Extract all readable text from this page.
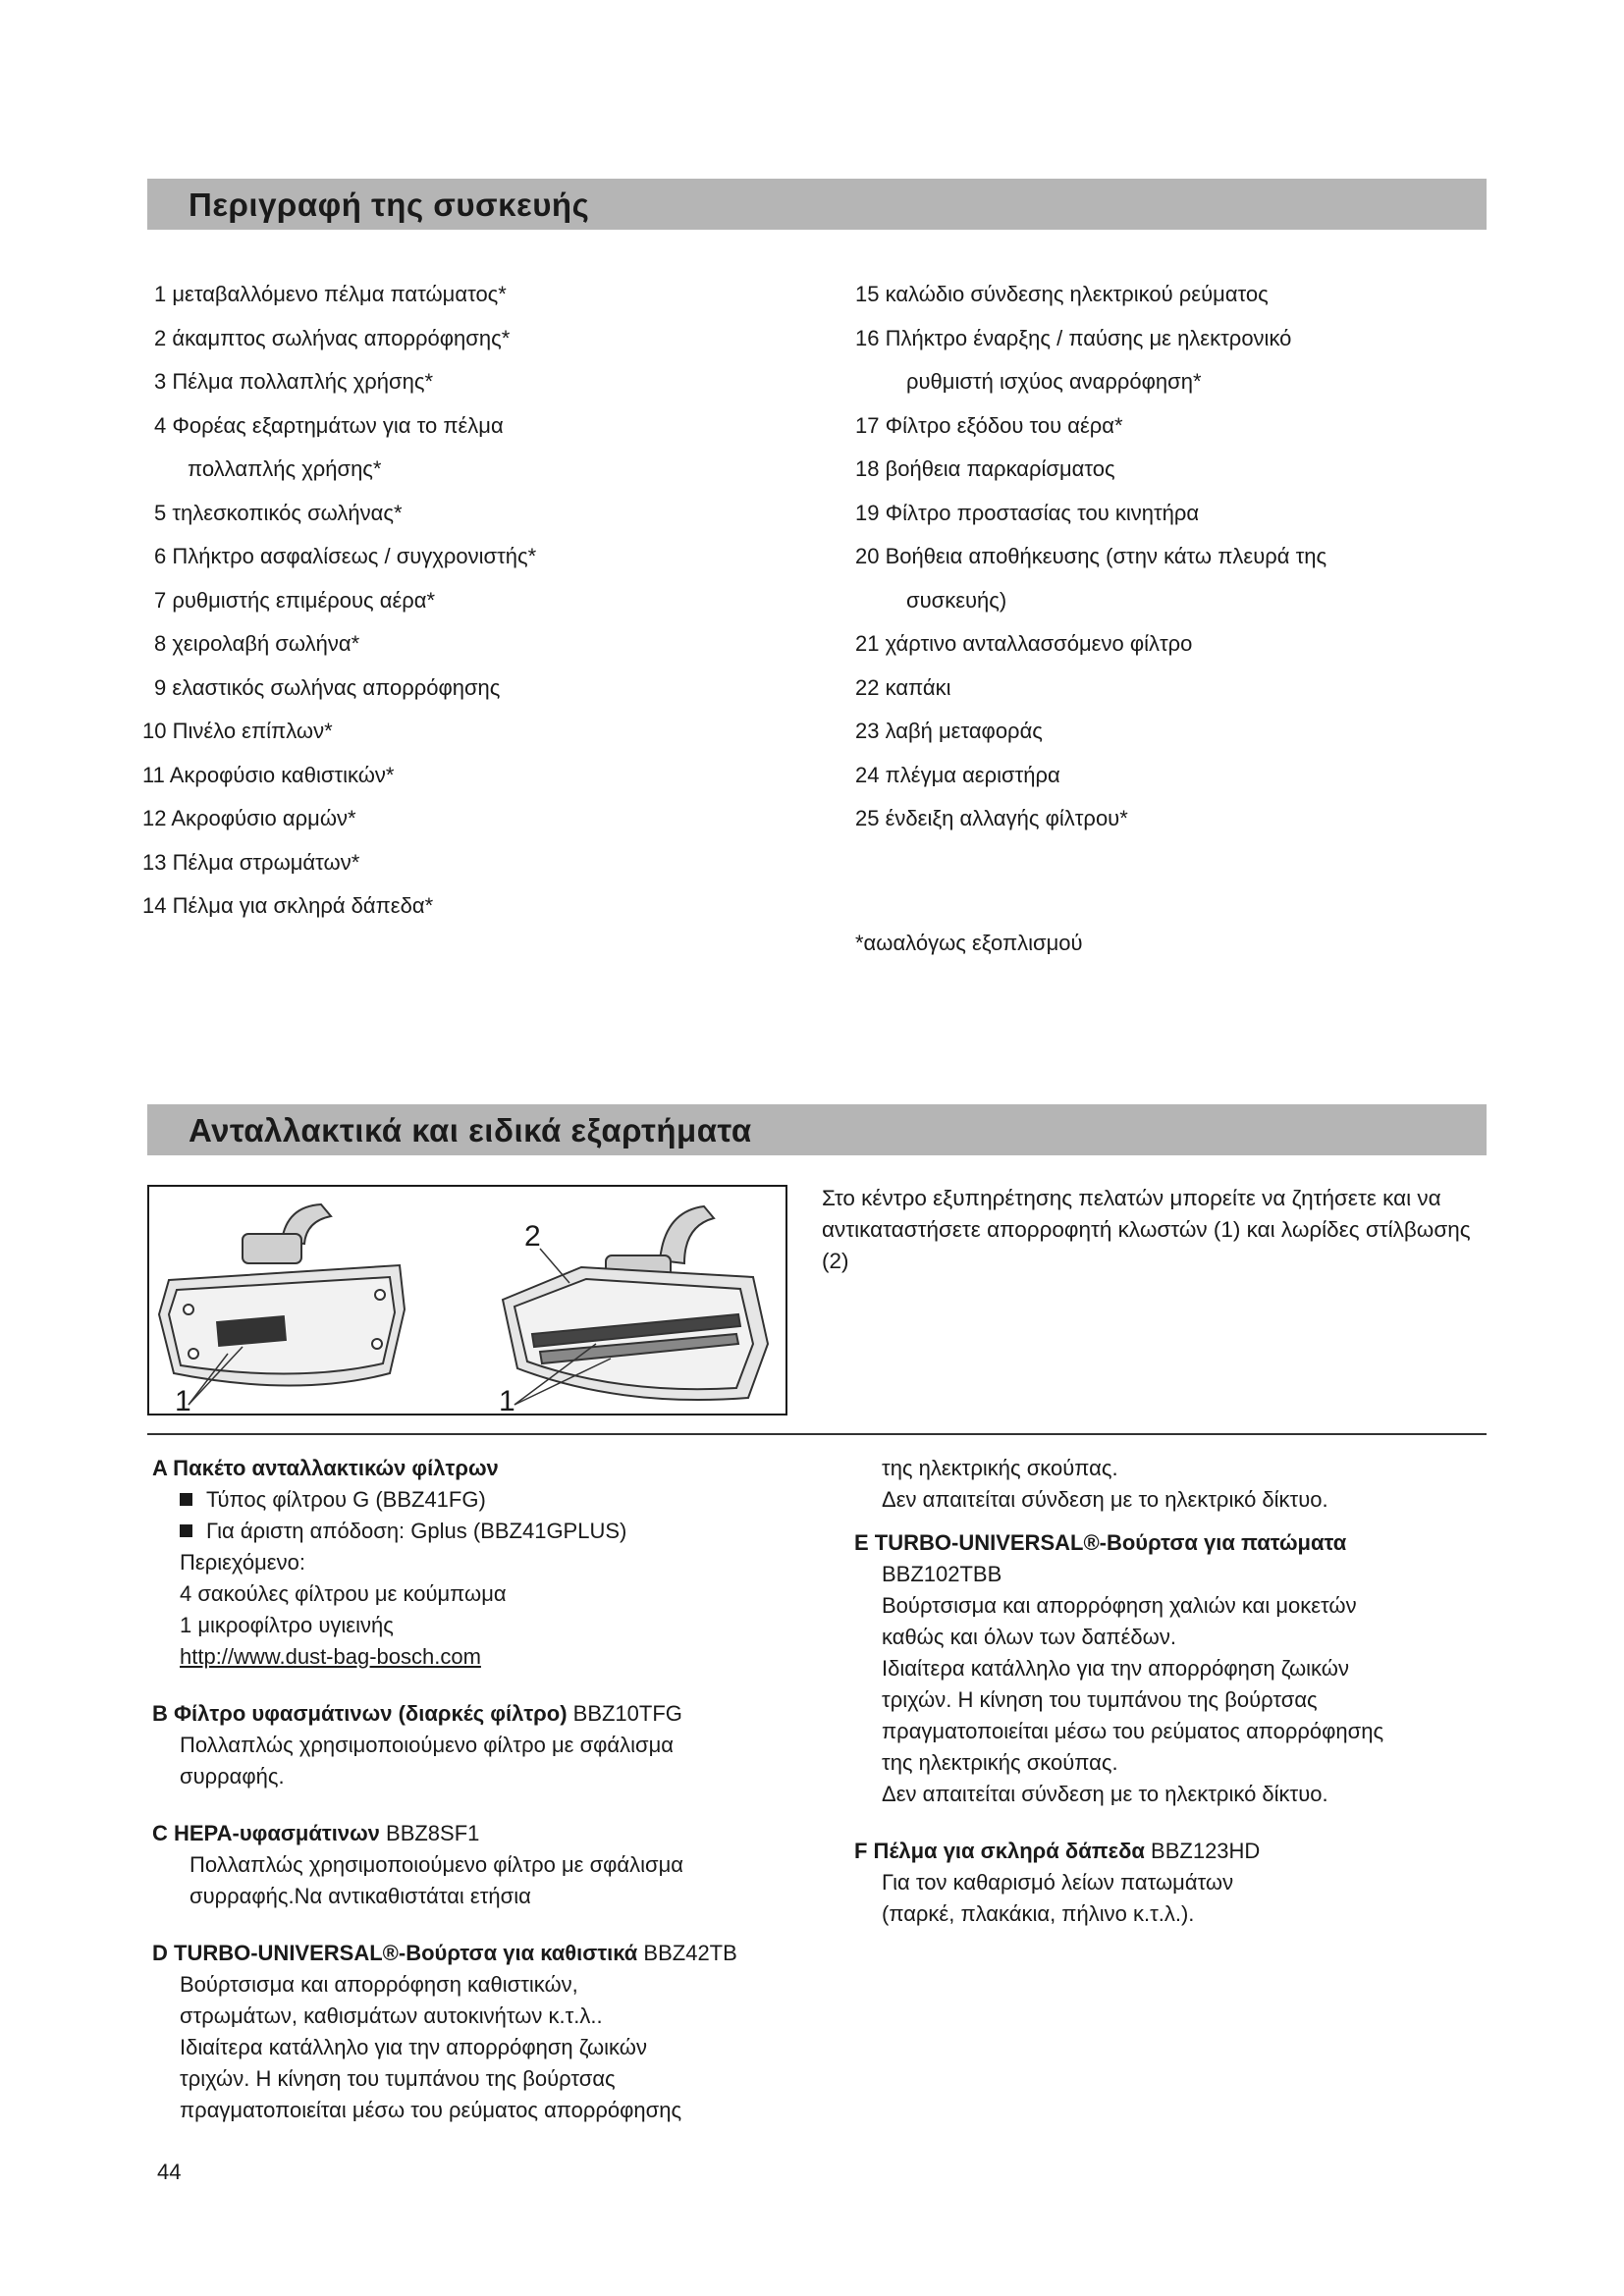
Περιγραφή της συσκευής
1 μεταβαλλόμενο πέλμα πατώματος*
2 άκαμπτος σωλήνας απορρόφησης*
3 Πέλμα πολλαπλής χρήσης*
4 Φορέας εξαρτημάτων για το πέλμα
πολλαπλής χρήσης*
5 τηλεσκοπικός σωλήνας*
6 Πλήκτρο ασφαλίσεως / συγχρονιστής*
7 ρυθμιστής επιμέρους αέρα*
8 χειρολαβή σωλήνα*
9 ελαστικός σωλήνας απορρόφησης
10 Πινέλο επίπλων*
11 Ακροφύσιο καθιστικών*
12 Ακροφύσιο αρμών*
13 Πέλμα στρωμάτων*
14 Πέλμα για σκληρά δάπεδα*
15 καλώδιο σύνδεσης ηλεκτρικού ρεύματος
16 Πλήκτρο έναρξης / παύσης με ηλεκτρονικό
ρυθμιστή ισχύος αναρρόφηση*
17 Φίλτρο εξόδου του αέρα*
18 βοήθεια παρκαρίσματος
19 Φίλτρο προστασίας του κινητήρα
20 Βοήθεια αποθήκευσης (στην κάτω πλευρά της
συσκευής)
21 χάρτινο ανταλλασσόμενο φίλτρο
22 καπάκι
23 λαβή μεταφοράς
24 πλέγμα αεριστήρα
25 ένδειξη αλλαγής φίλτρου*
*αωαλόγως εξοπλισμού
Ανταλλακτικά και ειδικά εξαρτήματα
1
2
1
Στο κέντρο εξυπηρέτησης πελατών μπορείτε να ζητήσετε και να αντικαταστήσετε απορροφητή κλωστών (1) και λωρίδες στίλβωσης (2)
A Πακέτο ανταλλακτικών φίλτρων
Τύπος φίλτρου G (BBZ41FG)
Για άριστη απόδοση: Gplus (BBZ41GPLUS)
Περιεχόμενο:
4 σακούλες φίλτρου με κούμπωμα
1 μικροφίλτρο υγιεινής
http://www.dust-bag-bosch.com
B Φίλτρο υφασμάτινων (διαρκές φίλτρο) BBZ10TFG
Πολλαπλώς χρησιμοποιούμενο φίλτρο με σφάλισμα
συρραφής.
C HEPA-υφασμάτινων BBZ8SF1
Πολλαπλώς χρησιμοποιούμενο φίλτρο με σφάλισμα
συρραφής.Να αντικαθιστάται ετήσια
D TURBO-UNIVERSAL®-Βούρτσα για καθιστικά BBZ42TB
Βούρτσισμα και απορρόφηση καθιστικών,
στρωμάτων, καθισμάτων αυτοκινήτων κ.τ.λ..
Ιδιαίτερα κατάλληλο για την απορρόφηση ζωικών
τριχών. Η κίνηση του τυμπάνου της βούρτσας
πραγματοποιείται μέσω του ρεύματος απορρόφησης
της ηλεκτρικής σκούπας.
Δεν απαιτείται σύνδεση με το ηλεκτρικό δίκτυο.
E TURBO-UNIVERSAL®-Βούρτσα για πατώματα
BBZ102TBB
Βούρτσισμα και απορρόφηση χαλιών και μοκετών
καθώς και όλων των δαπέδων.
Ιδιαίτερα κατάλληλο για την απορρόφηση ζωικών
τριχών. Η κίνηση του τυμπάνου της βούρτσας
πραγματοποιείται μέσω του ρεύματος απορρόφησης
της ηλεκτρικής σκούπας.
Δεν απαιτείται σύνδεση με το ηλεκτρικό δίκτυο.
F Πέλμα για σκληρά δάπεδα BBZ123HD
Για τον καθαρισμό λείων πατωμάτων
(παρκέ, πλακάκια, πήλινο κ.τ.λ.).
44
